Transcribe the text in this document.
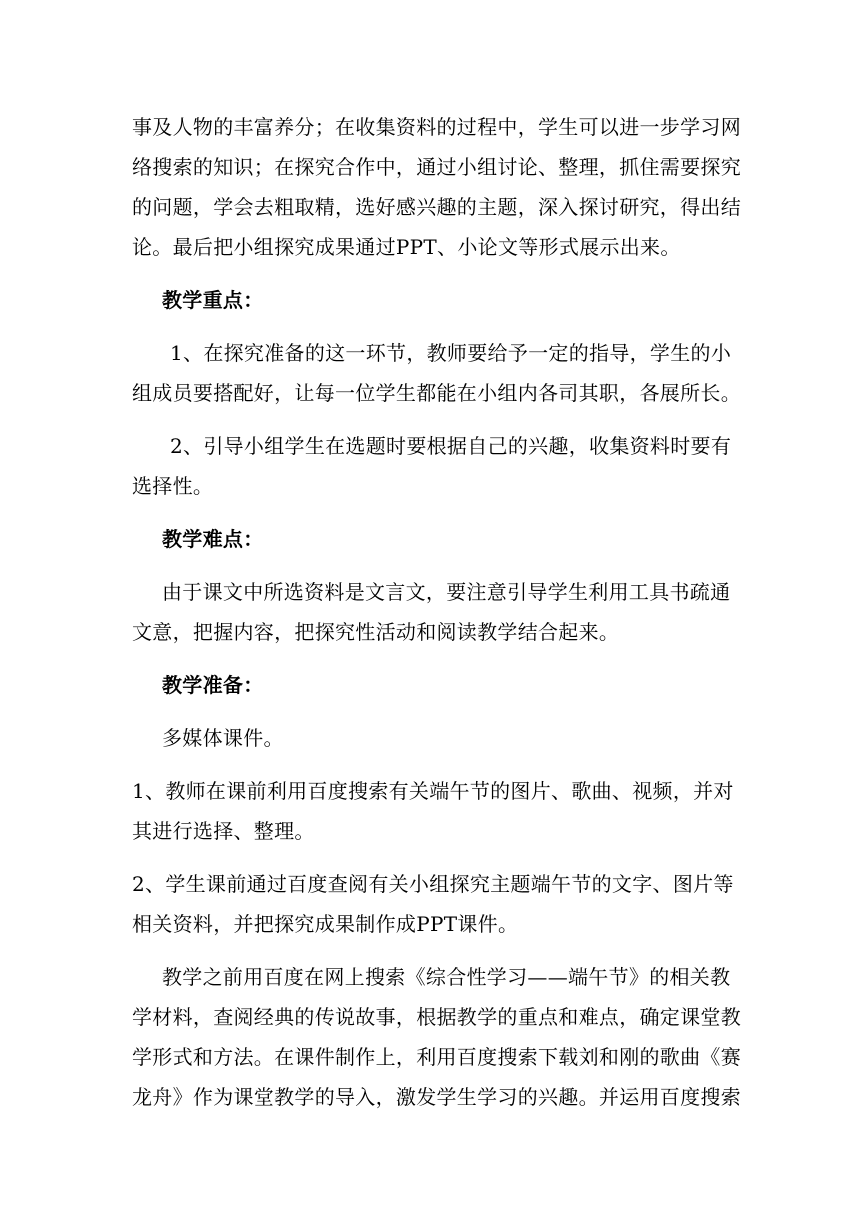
事及人物的丰富养分；在收集资料的过程中，学生可以进一步学习网
络搜索的知识；在探究合作中，通过小组讨论、整理，抓住需要探究
的问题，学会去粗取精，选好感兴趣的主题，深入探讨研究，得出结
论。最后把小组探究成果通过PPT、小论文等形式展示出来。
教学重点：
1、在探究准备的这一环节，教师要给予一定的指导，学生的小
组成员要搭配好，让每一位学生都能在小组内各司其职，各展所长。
2、引导小组学生在选题时要根据自己的兴趣，收集资料时要有
选择性。
教学难点：
由于课文中所选资料是文言文，要注意引导学生利用工具书疏通
文意，把握内容，把探究性活动和阅读教学结合起来。
教学准备：
多媒体课件。
1、教师在课前利用百度搜索有关端午节的图片、歌曲、视频，并对
其进行选择、整理。
2、学生课前通过百度查阅有关小组探究主题端午节的文字、图片等
相关资料，并把探究成果制作成PPT课件。
教学之前用百度在网上搜索《综合性学习——端午节》的相关教
学材料，查阅经典的传说故事，根据教学的重点和难点，确定课堂教
学形式和方法。在课件制作上，利用百度搜索下载刘和刚的歌曲《赛
龙舟》作为课堂教学的导入，激发学生学习的兴趣。并运用百度搜索
